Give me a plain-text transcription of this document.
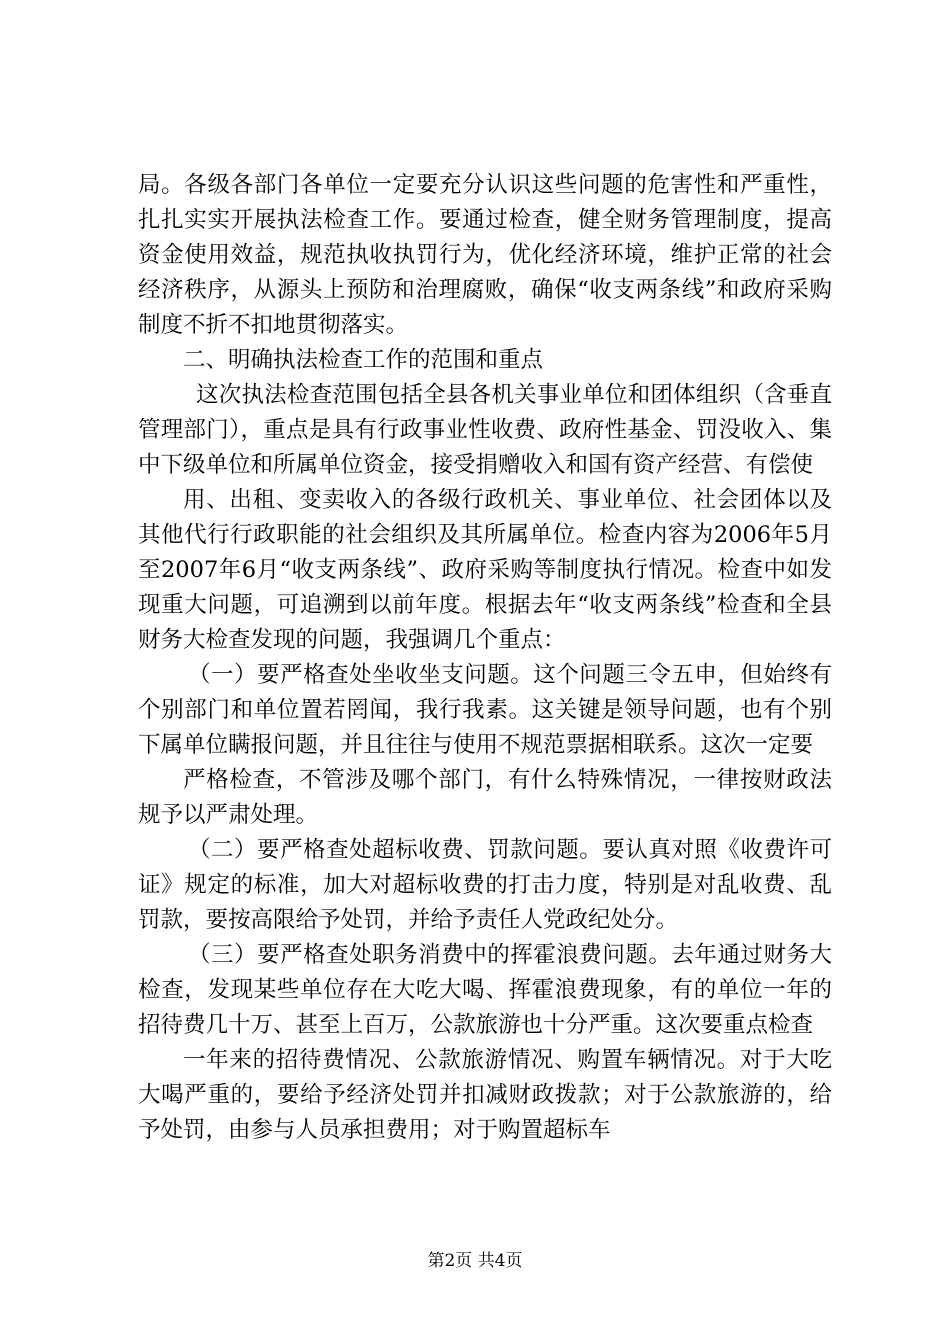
局。各级各部门各单位一定要充分认识这些问题的危害性和严重性，扎扎实实开展执法检查工作。要通过检查，健全财务管理制度，提高资金使用效益，规范执收执罚行为，优化经济环境，维护正常的社会经济秩序，从源头上预防和治理腐败，确保“收支两条线”和政府采购制度不折不扣地贯彻落实。

二、明确执法检查工作的范围和重点

这次执法检查范围包括全县各机关事业单位和团体组织（含垂直管理部门），重点是具有行政事业性收费、政府性基金、罚没收入、集中下级单位和所属单位资金，接受捐赠收入和国有资产经营、有偿使

用、出租、变卖收入的各级行政机关、事业单位、社会团体以及其他代行行政职能的社会组织及其所属单位。检查内容为2006年5月至2007年6月“收支两条线”、政府采购等制度执行情况。检查中如发现重大问题，可追溯到以前年度。根据去年“收支两条线”检查和全县财务大检查发现的问题，我强调几个重点：

（一）要严格查处坐收坐支问题。这个问题三令五申，但始终有个别部门和单位置若罔闻，我行我素。这关键是领导问题，也有个别下属单位瞒报问题，并且往往与使用不规范票据相联系。这次一定要

严格检查，不管涉及哪个部门，有什么特殊情况，一律按财政法规予以严肃处理。

（二）要严格查处超标收费、罚款问题。要认真对照《收费许可证》规定的标准，加大对超标收费的打击力度，特别是对乱收费、乱罚款，要按高限给予处罚，并给予责任人党政纪处分。

（三）要严格查处职务消费中的挥霍浪费问题。去年通过财务大检查，发现某些单位存在大吃大喝、挥霍浪费现象，有的单位一年的招待费几十万、甚至上百万，公款旅游也十分严重。这次要重点检查

一年来的招待费情况、公款旅游情况、购置车辆情况。对于大吃大喝严重的，要给予经济处罚并扣减财政拨款；对于公款旅游的，给予处罚，由参与人员承担费用；对于购置超标车

第2页 共4页
